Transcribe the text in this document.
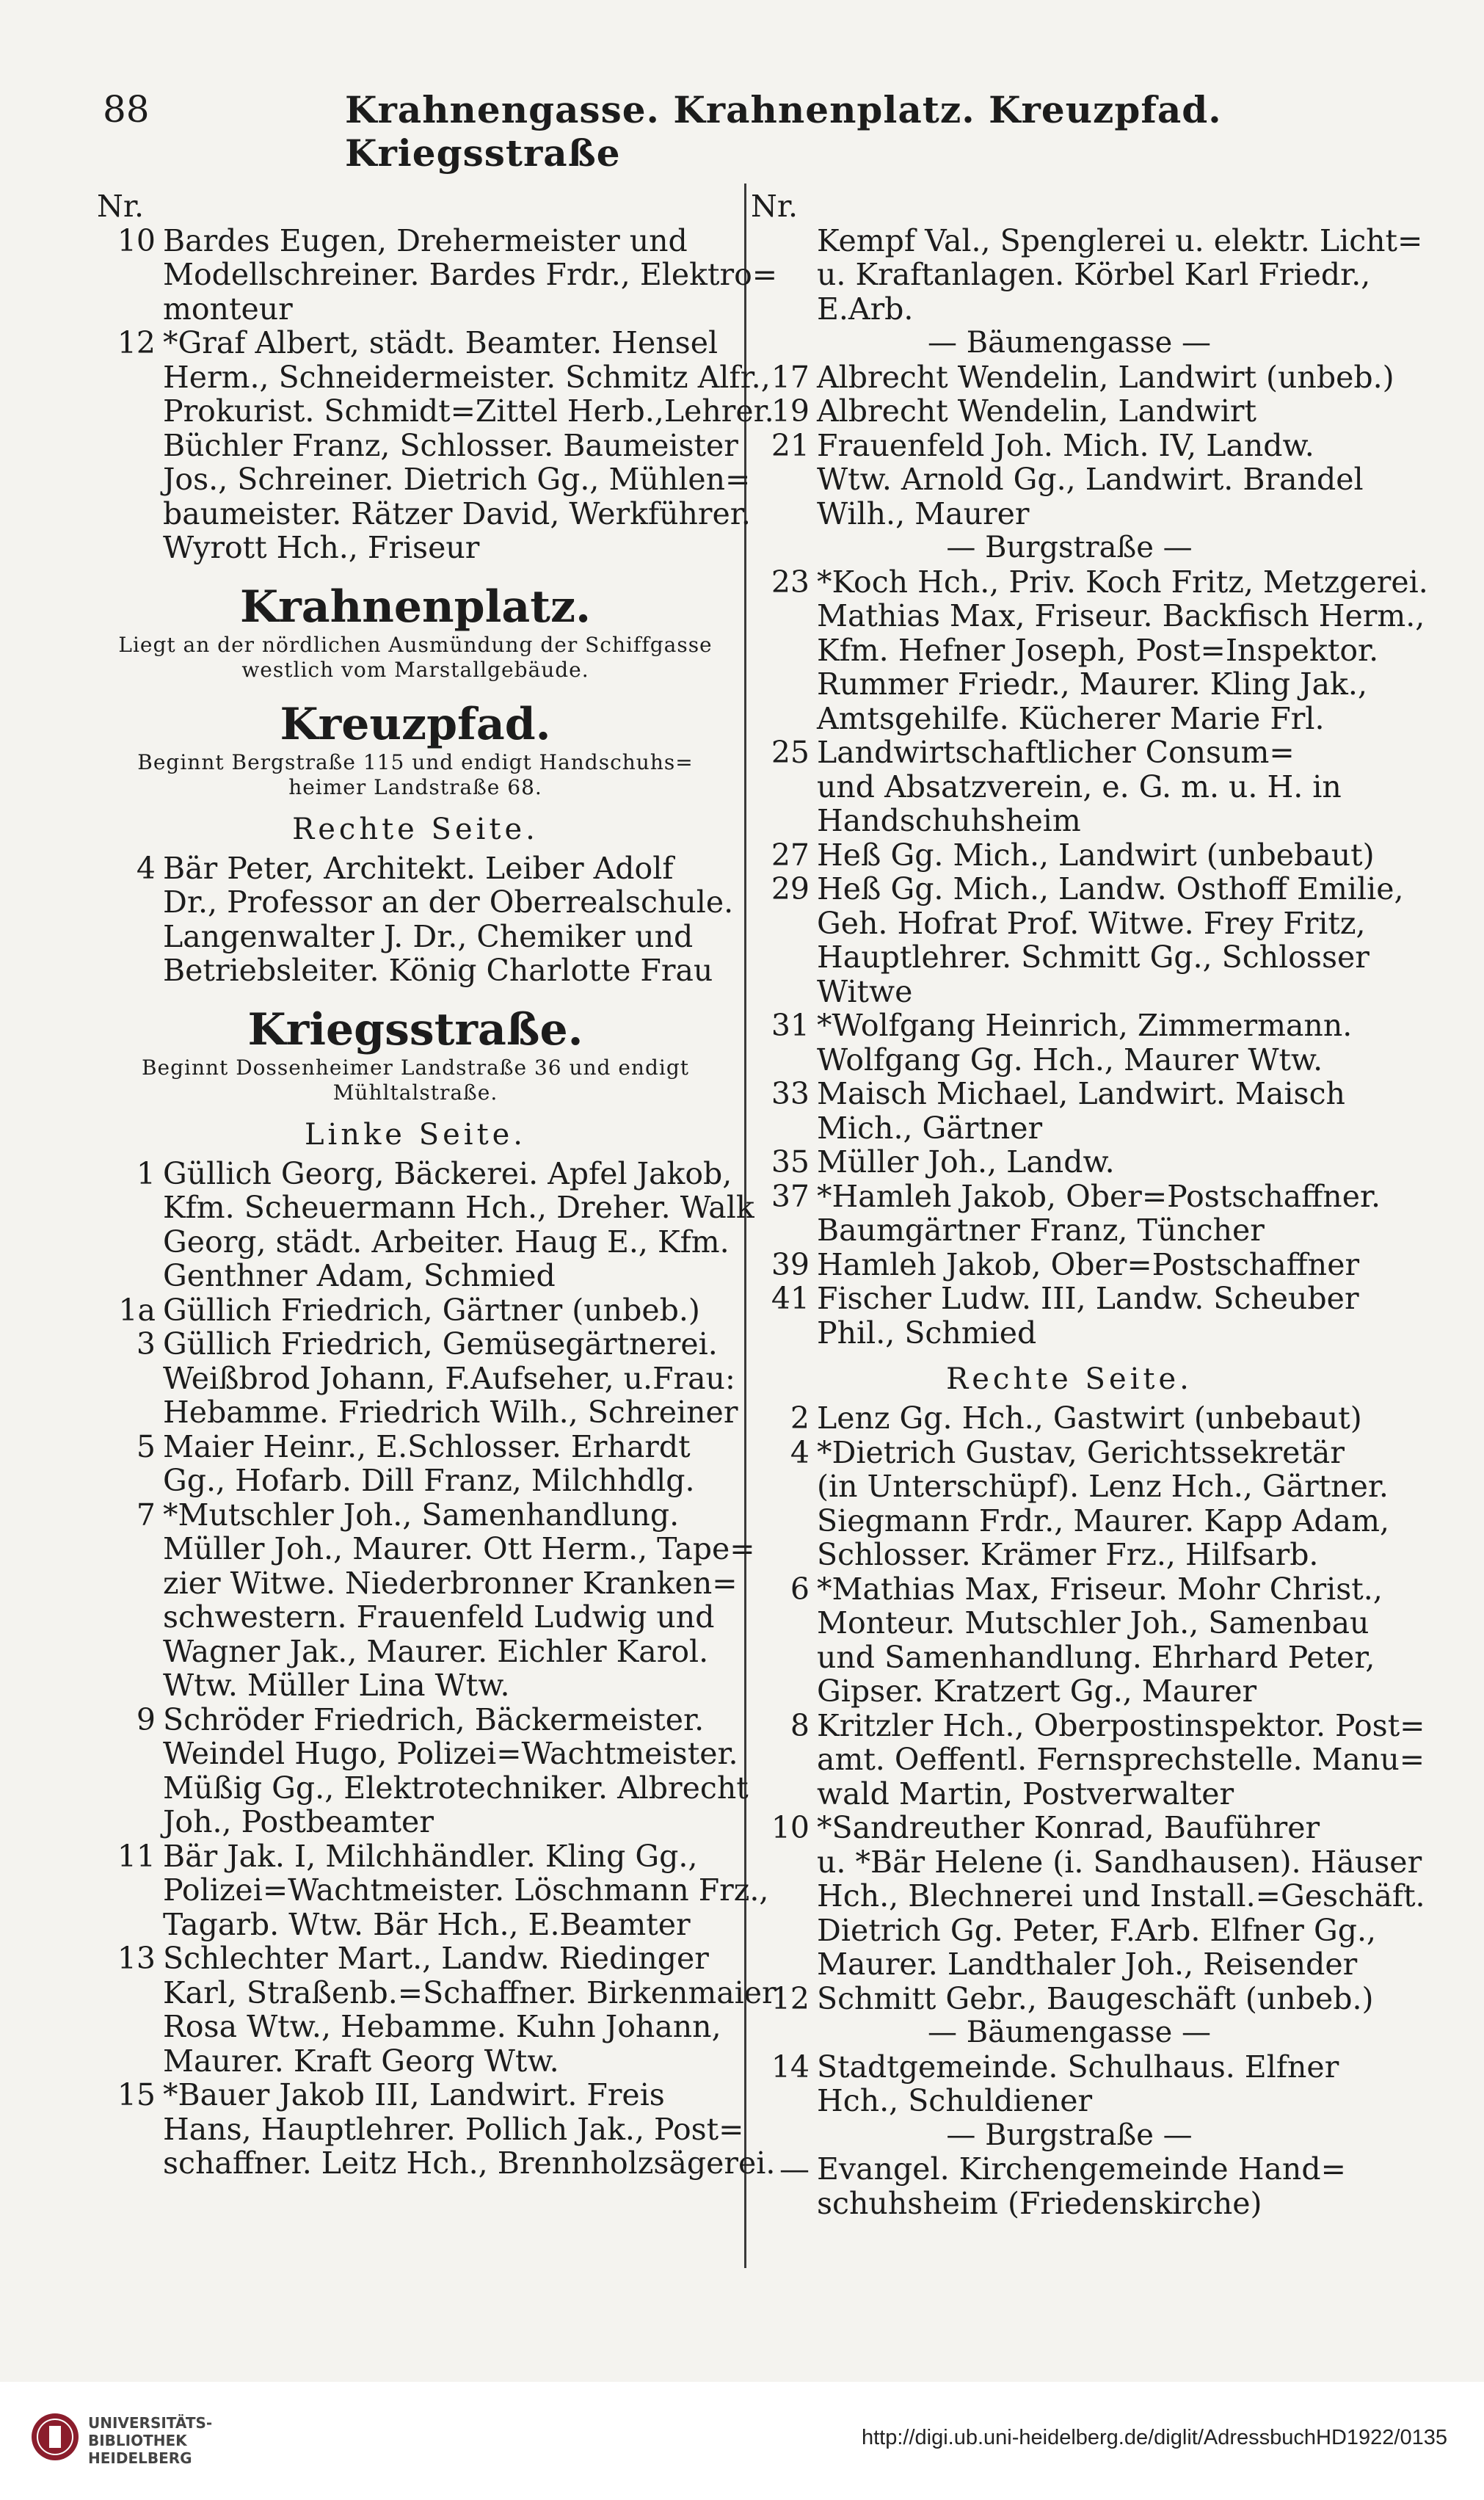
88	Krahnengasse. Krahnenplatz. Kreuzpfad. Kriegsstraße
Nr.
10 Bardes Eugen, Drehermeister und
Modellschreiner. Bardes Frdr., Elektro=
monteur
12 *Graf Albert, städt. Beamter. Hensel
Herm., Schneidermeister. Schmitz Alfr.,
Prokurist. Schmidt=Zittel Herb.,Lehrer.
Büchler Franz, Schlosser. Baumeister
Jos., Schreiner. Dietrich Gg., Mühlen=
baumeister. Rätzer David, Werkführer.
Wyrott Hch., Friseur
Krahnenplatz.
Liegt an der nördlichen Ausmündung der Schiffgasse
westlich vom Marstallgebäude.
Kreuzpfad.
Beginnt Bergstraße 115 und endigt Handschuhs=
heimer Landstraße 68.
Rechte Seite.
4 Bär Peter, Architekt. Leiber Adolf
Dr., Professor an der Oberrealschule.
Langenwalter J. Dr., Chemiker und
Betriebsleiter. König Charlotte Frau
Kriegsstraße.
Beginnt Dossenheimer Landstraße 36 und endigt
Mühltalstraße.
Linke Seite.
1 Güllich Georg, Bäckerei. Apfel Jakob,
Kfm. Scheuermann Hch., Dreher. Walk
Georg, städt. Arbeiter. Haug E., Kfm.
Genthner Adam, Schmied
1a Güllich Friedrich, Gärtner (unbeb.)
3 Güllich Friedrich, Gemüsegärtnerei.
Weißbrod Johann, F.Aufseher, u.Frau:
Hebamme. Friedrich Wilh., Schreiner
5 Maier Heinr., E.Schlosser. Erhardt
Gg., Hofarb. Dill Franz, Milchhdlg.
7 *Mutschler Joh., Samenhandlung.
Müller Joh., Maurer. Ott Herm., Tape=
zier Witwe. Niederbronner Kranken=
schwestern. Frauenfeld Ludwig und
Wagner Jak., Maurer. Eichler Karol.
Wtw. Müller Lina Wtw.
9 Schröder Friedrich, Bäckermeister.
Weindel Hugo, Polizei=Wachtmeister.
Müßig Gg., Elektrotechniker. Albrecht
Joh., Postbeamter
11 Bär Jak. I, Milchhändler. Kling Gg.,
Polizei=Wachtmeister. Löschmann Frz.,
Tagarb. Wtw. Bär Hch., E.Beamter
13 Schlechter Mart., Landw. Riedinger
Karl, Straßenb.=Schaffner. Birkenmaier
Rosa Wtw., Hebamme. Kuhn Johann,
Maurer. Kraft Georg Wtw.
15 *Bauer Jakob III, Landwirt. Freis
Hans, Hauptlehrer. Pollich Jak., Post=
schaffner. Leitz Hch., Brennholzsägerei.
Nr.
Kempf Val., Spenglerei u. elektr. Licht=
u. Kraftanlagen. Körbel Karl Friedr.,
E.Arb.
— Bäumengasse —
17 Albrecht Wendelin, Landwirt (unbeb.)
19 Albrecht Wendelin, Landwirt
21 Frauenfeld Joh. Mich. IV, Landw.
Wtw. Arnold Gg., Landwirt. Brandel
Wilh., Maurer
— Burgstraße —
23 *Koch Hch., Priv. Koch Fritz, Metzgerei.
Mathias Max, Friseur. Backfisch Herm.,
Kfm. Hefner Joseph, Post=Inspektor.
Rummer Friedr., Maurer. Kling Jak.,
Amtsgehilfe. Kücherer Marie Frl.
25 Landwirtschaftlicher Consum=
und Absatzverein, e. G. m. u. H. in
Handschuhsheim
27 Heß Gg. Mich., Landwirt (unbebaut)
29 Heß Gg. Mich., Landw. Osthoff Emilie,
Geh. Hofrat Prof. Witwe. Frey Fritz,
Hauptlehrer. Schmitt Gg., Schlosser
Witwe
31 *Wolfgang Heinrich, Zimmermann.
Wolfgang Gg. Hch., Maurer Wtw.
33 Maisch Michael, Landwirt. Maisch
Mich., Gärtner
35 Müller Joh., Landw.
37 *Hamleh Jakob, Ober=Postschaffner.
Baumgärtner Franz, Tüncher
39 Hamleh Jakob, Ober=Postschaffner
41 Fischer Ludw. III, Landw. Scheuber
Phil., Schmied
Rechte Seite.
2 Lenz Gg. Hch., Gastwirt (unbebaut)
4 *Dietrich Gustav, Gerichtssekretär
(in Unterschüpf). Lenz Hch., Gärtner.
Siegmann Frdr., Maurer. Kapp Adam,
Schlosser. Krämer Frz., Hilfsarb.
6 *Mathias Max, Friseur. Mohr Christ.,
Monteur. Mutschler Joh., Samenbau
und Samenhandlung. Ehrhard Peter,
Gipser. Kratzert Gg., Maurer
8 Kritzler Hch., Oberpostinspektor. Post=
amt. Oeffentl. Fernsprechstelle. Manu=
wald Martin, Postverwalter
10 *Sandreuther Konrad, Bauführer
u. *Bär Helene (i. Sandhausen). Häuser
Hch., Blechnerei und Install.=Geschäft.
Dietrich Gg. Peter, F.Arb. Elfner Gg.,
Maurer. Landthaler Joh., Reisender
12 Schmitt Gebr., Baugeschäft (unbeb.)
— Bäumengasse —
14 Stadtgemeinde. Schulhaus. Elfner
Hch., Schuldiener
— Burgstraße —
— Evangel. Kirchengemeinde Hand=
schuhsheim (Friedenskirche)
UNIVERSITÄTS-
BIBLIOTHEK
HEIDELBERG
http://digi.ub.uni-heidelberg.de/diglit/AdressbuchHD1922/0135
